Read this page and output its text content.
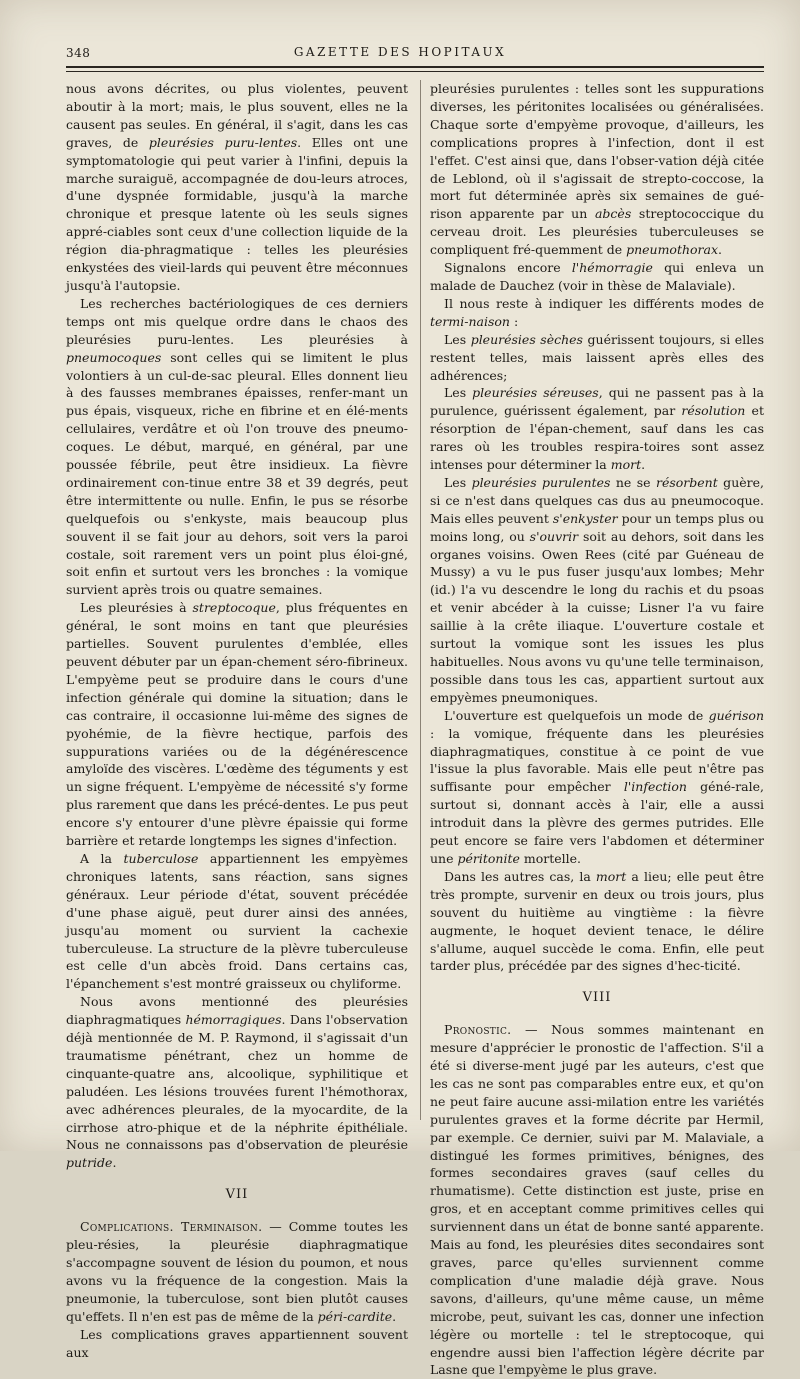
348	GAZETTE DES HOPITAUX

nous avons décrites, ou plus violentes, peuvent aboutir à la mort; mais, le plus souvent, elles ne la causent pas seules. En général, il s'agit, dans les cas graves, de pleurésies puru-lentes. Elles ont une symptomatologie qui peut varier à l'infini, depuis la marche suraiguë, accompagnée de dou-leurs atroces, d'une dyspnée formidable, jusqu'à la marche chronique et presque latente où les seuls signes appré-ciables sont ceux d'une collection liquide de la région dia-phragmatique : telles les pleurésies enkystées des vieil-lards qui peuvent être méconnues jusqu'à l'autopsie.

Les recherches bactériologiques de ces derniers temps ont mis quelque ordre dans le chaos des pleurésies puru-lentes. Les pleurésies à pneumocoques sont celles qui se limitent le plus volontiers à un cul-de-sac pleural. Elles donnent lieu à des fausses membranes épaisses, renfer-mant un pus épais, visqueux, riche en fibrine et en élé-ments cellulaires, verdâtre et où l'on trouve des pneumo-coques. Le début, marqué, en général, par une poussée fébrile, peut être insidieux. La fièvre ordinairement con-tinue entre 38 et 39 degrés, peut être intermittente ou nulle. Enfin, le pus se résorbe quelquefois ou s'enkyste, mais beaucoup plus souvent il se fait jour au dehors, soit vers la paroi costale, soit rarement vers un point plus éloi-gné, soit enfin et surtout vers les bronches : la vomique survient après trois ou quatre semaines.

Les pleurésies à streptocoque, plus fréquentes en général, le sont moins en tant que pleurésies partielles. Souvent purulentes d'emblée, elles peuvent débuter par un épan-chement séro-fibrineux. L'empyème peut se produire dans le cours d'une infection générale qui domine la situation; dans le cas contraire, il occasionne lui-même des signes de pyohémie, de la fièvre hectique, parfois des suppurations variées ou de la dégénérescence amyloïde des viscères. L'œdème des téguments y est un signe fréquent. L'empyème de nécessité s'y forme plus rarement que dans les précé-dentes. Le pus peut encore s'y entourer d'une plèvre épaissie qui forme barrière et retarde longtemps les signes d'infection.

A la tuberculose appartiennent les empyèmes chroniques latents, sans réaction, sans signes généraux. Leur période d'état, souvent précédée d'une phase aiguë, peut durer ainsi des années, jusqu'au moment ou survient la cachexie tuberculeuse. La structure de la plèvre tuberculeuse est celle d'un abcès froid. Dans certains cas, l'épanchement s'est montré graisseux ou chyliforme.

Nous avons mentionné des pleurésies diaphragmatiques hémorragiques. Dans l'observation déjà mentionnée de M. P. Raymond, il s'agissait d'un traumatisme pénétrant, chez un homme de cinquante-quatre ans, alcoolique, syphilitique et paludéen. Les lésions trouvées furent l'hémothorax, avec adhérences pleurales, de la myocardite, de la cirrhose atro-phique et de la néphrite épithéliale. Nous ne connaissons pas d'observation de pleurésie putride.

VII

Complications. Terminaison. — Comme toutes les pleu-résies, la pleurésie diaphragmatique s'accompagne souvent de lésion du poumon, et nous avons vu la fréquence de la congestion. Mais la pneumonie, la tuberculose, sont bien plutôt causes qu'effets. Il n'en est pas de même de la péri-cardite.

Les complications graves appartiennent souvent aux

pleurésies purulentes : telles sont les suppurations diverses, les péritonites localisées ou généralisées. Chaque sorte d'empyème provoque, d'ailleurs, les complications propres à l'infection, dont il est l'effet. C'est ainsi que, dans l'obser-vation déjà citée de Leblond, où il s'agissait de strepto-coccose, la mort fut déterminée après six semaines de gué-rison apparente par un abcès streptococcique du cerveau droit. Les pleurésies tuberculeuses se compliquent fré-quemment de pneumothorax.

Signalons encore l'hémorragie qui enleva un malade de Dauchez (voir in thèse de Malaviale).

Il nous reste à indiquer les différents modes de termi-naison :

Les pleurésies sèches guérissent toujours, si elles restent telles, mais laissent après elles des adhérences;

Les pleurésies séreuses, qui ne passent pas à la purulence, guérissent également, par résolution et résorption de l'épan-chement, sauf dans les cas rares où les troubles respira-toires sont assez intenses pour déterminer la mort.

Les pleurésies purulentes ne se résorbent guère, si ce n'est dans quelques cas dus au pneumocoque. Mais elles peuvent s'enkyster pour un temps plus ou moins long, ou s'ouvrir soit au dehors, soit dans les organes voisins. Owen Rees (cité par Guéneau de Mussy) a vu le pus fuser jusqu'aux lombes; Mehr (id.) l'a vu descendre le long du rachis et du psoas et venir abcéder à la cuisse; Lisner l'a vu faire saillie à la crête iliaque. L'ouverture costale et surtout la vomique sont les issues les plus habituelles. Nous avons vu qu'une telle terminaison, possible dans tous les cas, appartient surtout aux empyèmes pneumoniques.

L'ouverture est quelquefois un mode de guérison : la vomique, fréquente dans les pleurésies diaphragmatiques, constitue à ce point de vue l'issue la plus favorable. Mais elle peut n'être pas suffisante pour empêcher l'infection géné-rale, surtout si, donnant accès à l'air, elle a aussi introduit dans la plèvre des germes putrides. Elle peut encore se faire vers l'abdomen et déterminer une péritonite mortelle.

Dans les autres cas, la mort a lieu; elle peut être très prompte, survenir en deux ou trois jours, plus souvent du huitième au vingtième : la fièvre augmente, le hoquet devient tenace, le délire s'allume, auquel succède le coma. Enfin, elle peut tarder plus, précédée par des signes d'hec-ticité.

VIII

Pronostic. — Nous sommes maintenant en mesure d'apprécier le pronostic de l'affection. S'il a été si diverse-ment jugé par les auteurs, c'est que les cas ne sont pas comparables entre eux, et qu'on ne peut faire aucune assi-milation entre les variétés purulentes graves et la forme décrite par Hermil, par exemple. Ce dernier, suivi par M. Malaviale, a distingué les formes primitives, bénignes, des formes secondaires graves (sauf celles du rhumatisme). Cette distinction est juste, prise en gros, et en acceptant comme primitives celles qui surviennent dans un état de bonne santé apparente. Mais au fond, les pleurésies dites secondaires sont graves, parce qu'elles surviennent comme complication d'une maladie déjà grave. Nous savons, d'ailleurs, qu'une même cause, un même microbe, peut, suivant les cas, donner une infection légère ou mortelle : tel le streptocoque, qui engendre aussi bien l'affection légère décrite par Lasne que l'empyème le plus grave.
